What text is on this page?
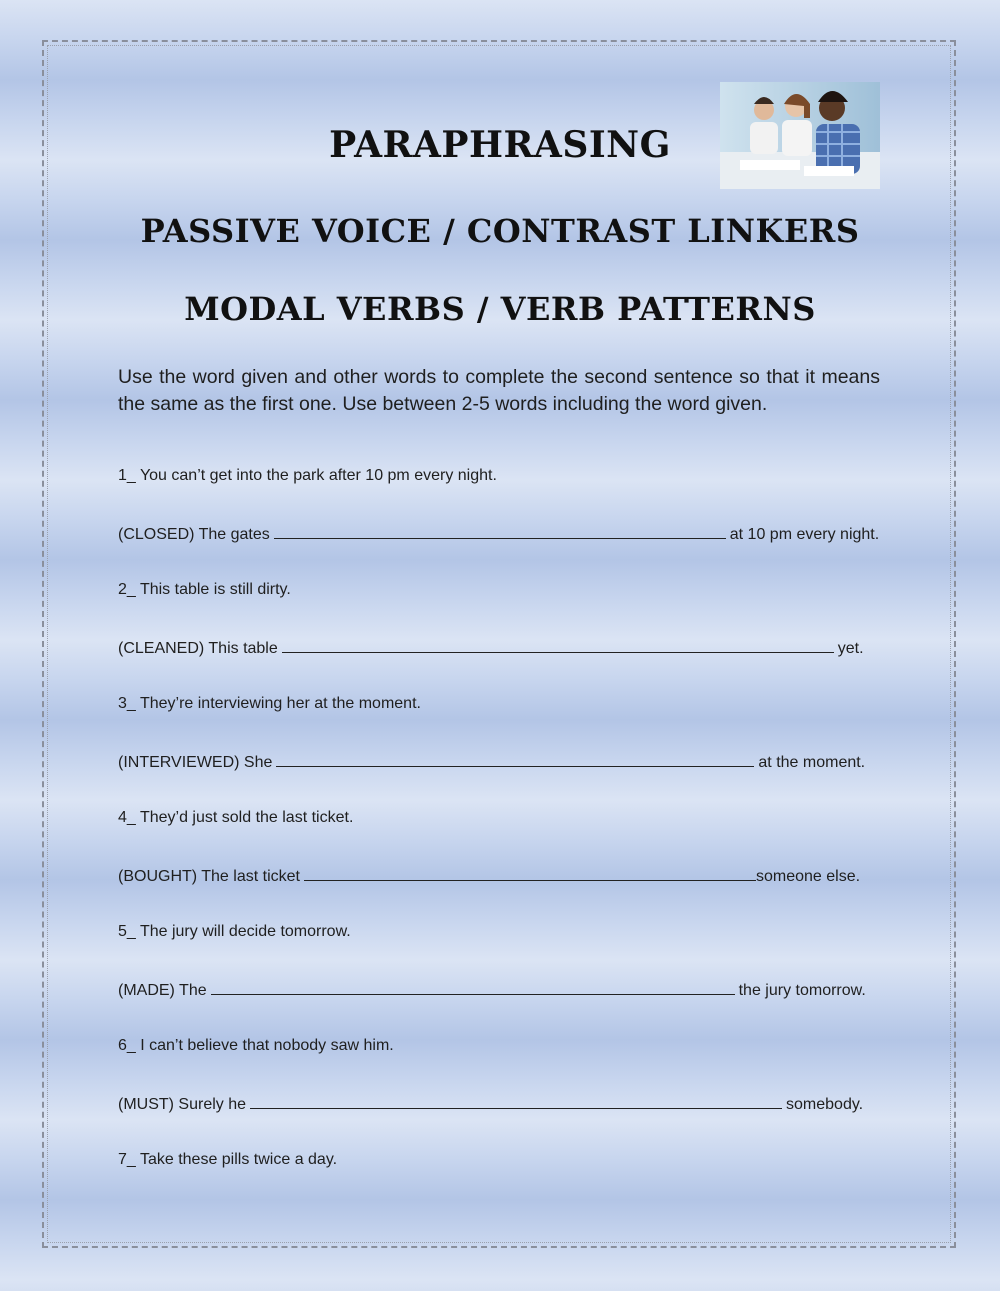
PARAPHRASING
PASSIVE VOICE / CONTRAST LINKERS
MODAL VERBS / VERB PATTERNS

Use the word given and other words to complete the second sentence so that it means the same as the first one. Use between 2-5 words including the word given.

1_ You can’t get into the park after 10 pm every night.
(CLOSED) The gates	at 10 pm every night.
2_ This table is still dirty.
(CLEANED) This table	yet.
3_ They’re interviewing her at the moment.
(INTERVIEWED) She	at the moment.
4_ They’d just sold the last ticket.
(BOUGHT) The last ticket	someone else.
5_ The jury will decide tomorrow.
(MADE) The	the jury tomorrow.
6_ I can’t believe that nobody saw him.
(MUST) Surely he	somebody.
7_ Take these pills twice a day.
